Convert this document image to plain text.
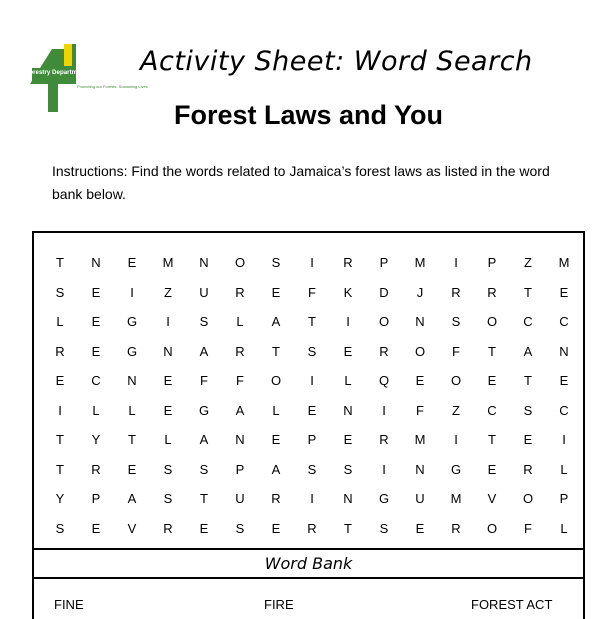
Forestry Department
Protecting our Forests: Sustaining Lives
Activity Sheet: Word Search
Forest Laws and You
Instructions: Find the words related to Jamaica’s forest laws as listed in the word bank below.
T	N	E	M	N	O	S	I	R	P	M	I	P	Z	M
S	E	I	Z	U	R	E	F	K	D	J	R	R	T	E
L	E	G	I	S	L	A	T	I	O	N	S	O	C	C
R	E	G	N	A	R	T	S	E	R	O	F	T	A	N
E	C	N	E	F	F	O	I	L	Q	E	O	E	T	E
I	L	L	E	G	A	L	E	N	I	F	Z	C	S	C
T	Y	T	L	A	N	E	P	E	R	M	I	T	E	I
T	R	E	S	S	P	A	S	S	I	N	G	E	R	L
Y	P	A	S	T	U	R	I	N	G	U	M	V	O	P
S	E	V	R	E	S	E	R	T	S	E	R	O	F	L
Word Bank
FINE	FIRE	FOREST ACT
